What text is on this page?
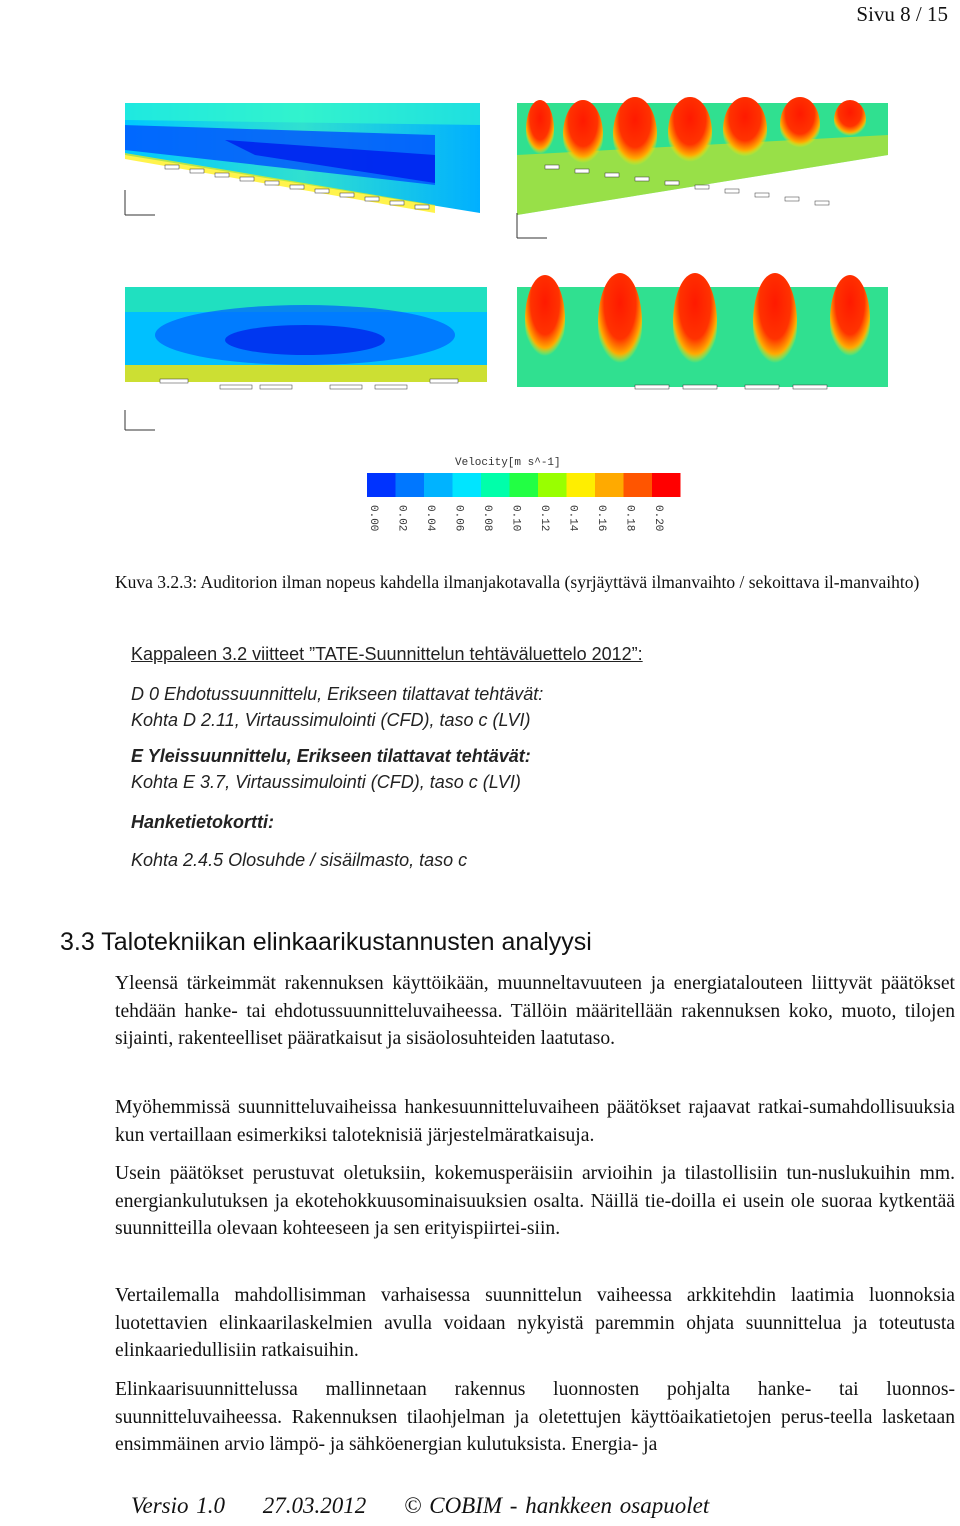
Sivu 8 / 15
0.00 0.02 0.04 0.06 0.08 0.10 0.12 0.14 0.16 0.18 0.20
Velocity[m s^-1]
Kuva 3.2.3: Auditorion ilman nopeus kahdella ilmanjakotavalla (syrjäyttävä ilmanvaihto / sekoittava il-manvaihto)
Kappaleen 3.2 viitteet ”TATE-Suunnittelun tehtäväluettelo 2012”:
D 0 Ehdotussuunnittelu, Erikseen tilattavat tehtävät:
Kohta D 2.11, Virtaussimulointi (CFD), taso c (LVI)
E Yleissuunnittelu, Erikseen tilattavat tehtävät:
Kohta E 3.7, Virtaussimulointi (CFD), taso c (LVI)
Hanketietokortti:
Kohta 2.4.5 Olosuhde / sisäilmasto, taso c
3.3 Talotekniikan elinkaarikustannusten analyysi
Yleensä tärkeimmät rakennuksen käyttöikään, muunneltavuuteen ja energiatalouteen liittyvät päätökset tehdään hanke- tai ehdotussuunnitteluvaiheessa. Tällöin määritellään rakennuksen koko, muoto, tilojen sijainti, rakenteelliset pääratkaisut ja sisäolosuhteiden laatutaso.
Myöhemmissä suunnitteluvaiheissa hankesuunnitteluvaiheen päätökset rajaavat ratkai-sumahdollisuuksia kun vertaillaan esimerkiksi taloteknisiä järjestelmäratkaisuja.
Usein päätökset perustuvat oletuksiin, kokemusperäisiin arvioihin ja tilastollisiin tun-nuslukuihin mm. energiankulutuksen ja ekotehokkuusominaisuuksien osalta. Näillä tie-doilla ei usein ole suoraa kytkentää suunnitteilla olevaan kohteeseen ja sen erityispiirtei-siin.
Vertailemalla mahdollisimman varhaisessa suunnittelun vaiheessa arkkitehdin laatimia luonnoksia luotettavien elinkaarilaskelmien avulla voidaan nykyistä paremmin ohjata suunnittelua ja toteutusta elinkaariedullisiin ratkaisuihin.
Elinkaarisuunnittelussa mallinnetaan rakennus luonnosten pohjalta hanke- tai luonnos-suunnitteluvaiheessa. Rakennuksen tilaohjelman ja oletettujen käyttöaikatietojen perus-teella lasketaan ensimmäinen arvio lämpö- ja sähköenergian kulutuksista. Energia- ja
Versio 1.0 27.03.2012 © COBIM - hankkeen osapuolet
